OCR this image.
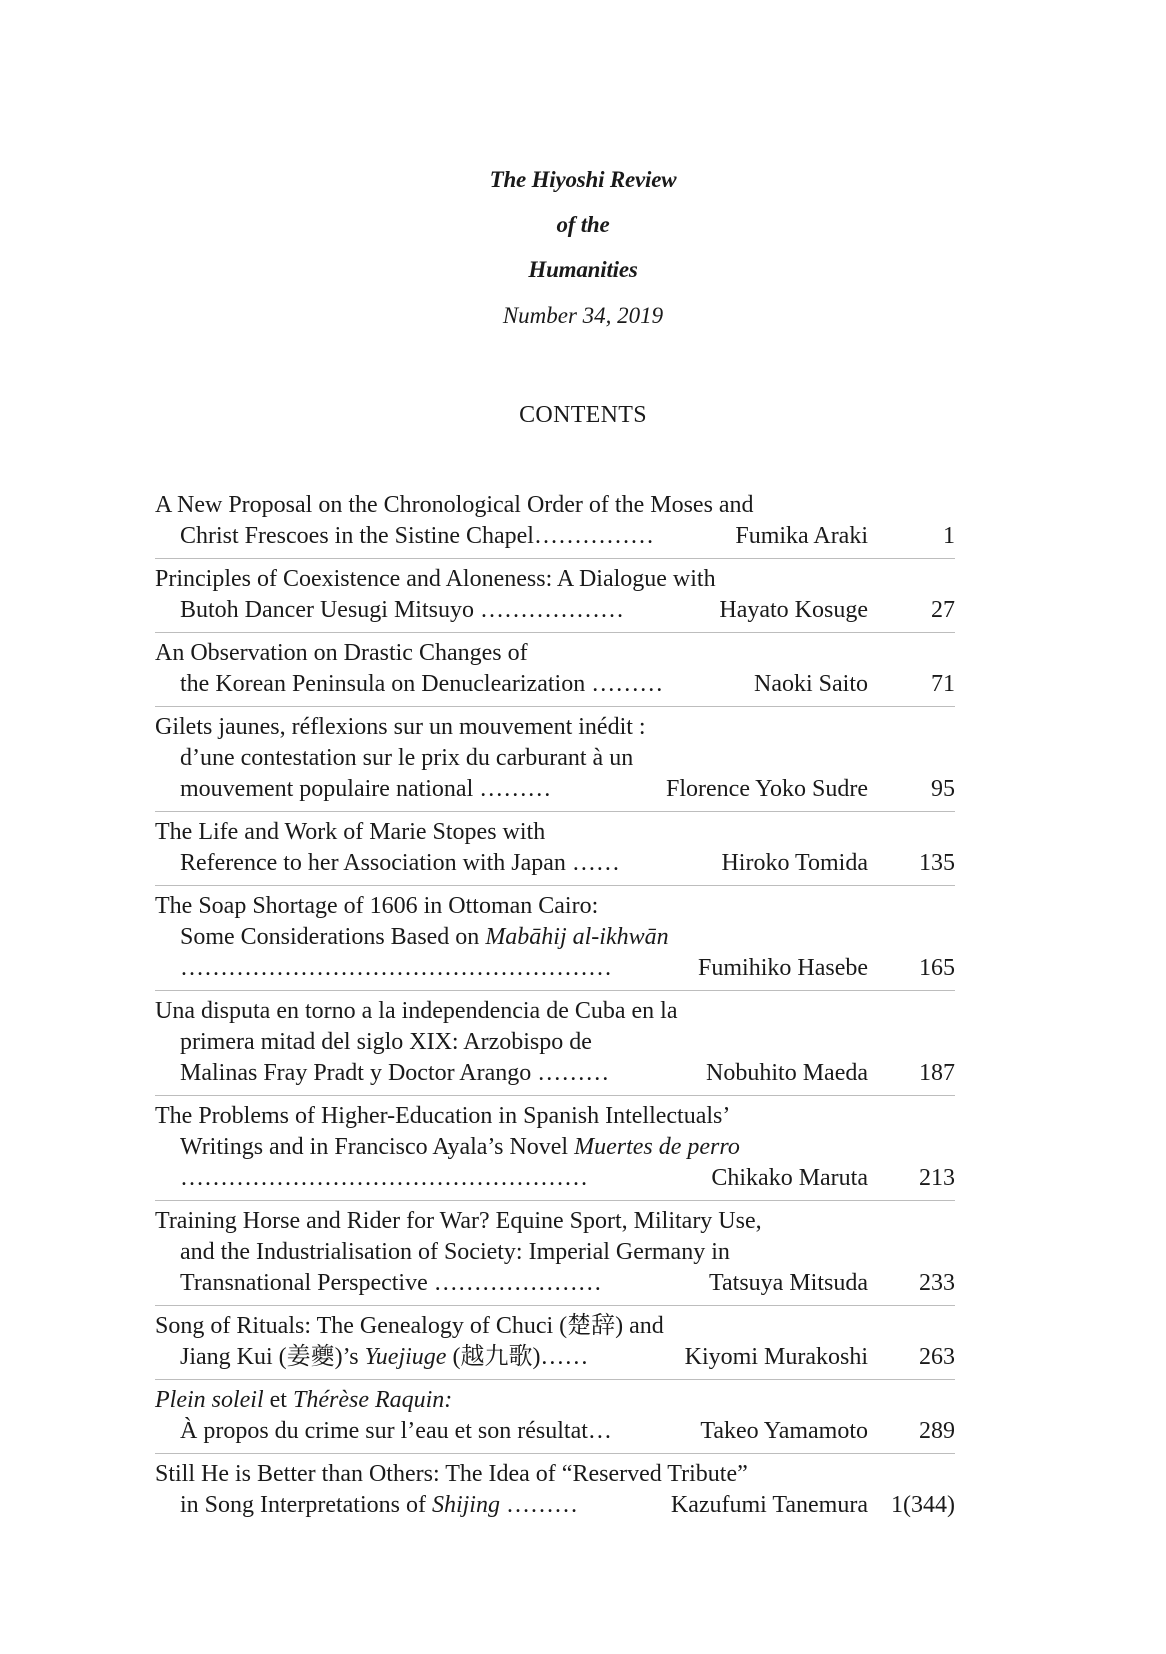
The Hiyoshi Review
of the
Humanities
Number 34, 2019
CONTENTS
A New Proposal on the Chronological Order of the Moses and
Christ Frescoes in the Sistine Chapel……………	Fumika Araki	1
Principles of Coexistence and Aloneness: A Dialogue with
Butoh Dancer Uesugi Mitsuyo ………………	Hayato Kosuge	27
An Observation on Drastic Changes of
the Korean Peninsula on Denuclearization ………	Naoki Saito	71
Gilets jaunes, réflexions sur un mouvement inédit :
d’une contestation sur le prix du carburant à un
mouvement populaire national ………	Florence Yoko Sudre	95
The Life and Work of Marie Stopes with
Reference to her Association with Japan ……	Hiroko Tomida 135
The Soap Shortage of 1606 in Ottoman Cairo:
Some Considerations Based on Mabāhij al-ikhwān
………………………………………………	Fumihiko Hasebe 165
Una disputa en torno a la independencia de Cuba en la
primera mitad del siglo XIX: Arzobispo de
Malinas Fray Pradt y Doctor Arango ………	Nobuhito Maeda 187
The Problems of Higher-Education in Spanish Intellectuals’
Writings and in Francisco Ayala’s Novel Muertes de perro
……………………………………………	Chikako Maruta 213
Training Horse and Rider for War? Equine Sport, Military Use,
and the Industrialisation of Society: Imperial Germany in
Transnational Perspective …………………	Tatsuya Mitsuda 233
Song of Rituals: The Genealogy of Chuci (楚辞) and
Jiang Kui (姜夔)’s Yuejiuge (越九歌)……	Kiyomi Murakoshi 263
Plein soleil et Thérèse Raquin:
À propos du crime sur l’eau et son résultat…	Takeo Yamamoto 289
Still He is Better than Others: The Idea of “Reserved Tribute”
in Song Interpretations of Shijing ………	Kazufumi Tanemura 1(344)
